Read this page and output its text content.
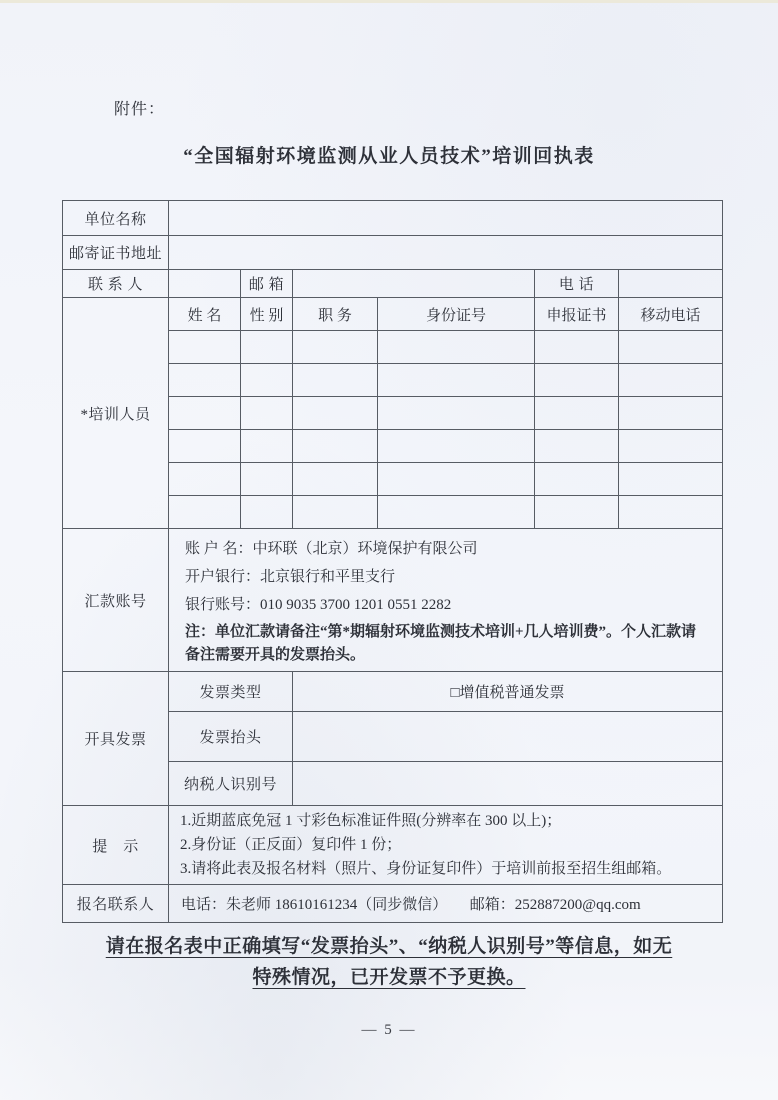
附件：
“全国辐射环境监测从业人员技术”培训回执表
单位名称						
邮寄证书地址						
联 系 人		邮 箱			电 话	
*培训人员	姓 名	性 别	职 务	身份证号	申报证书	移动电话

汇款账号	账 户 名：中环联（北京）环境保护有限公司
开户银行：北京银行和平里支行
银行账号：010 9035 3700 1201 0551 2282
注：单位汇款请备注“第*期辐射环境监测技术培训+几人培训费”。个人汇款请备注需要开具的发票抬头。					

开具发票	发票类型		□增值税普通发票			
	发票抬头					
	纳税人识别号					
提　示	1.近期蓝底免冠 1 寸彩色标准证件照(分辨率在 300 以上)；
2.身份证（正反面）复印件 1 份；
3.请将此表及报名材料（照片、身份证复印件）于培训前报至招生组邮箱。					

报名联系人	电话：朱老师 18610161234（同步微信）　　邮箱：252887200@qq.com					
请在报名表中正确填写“发票抬头”、“纳税人识别号”等信息，如无
特殊情况，已开发票不予更换。
— 5 —
